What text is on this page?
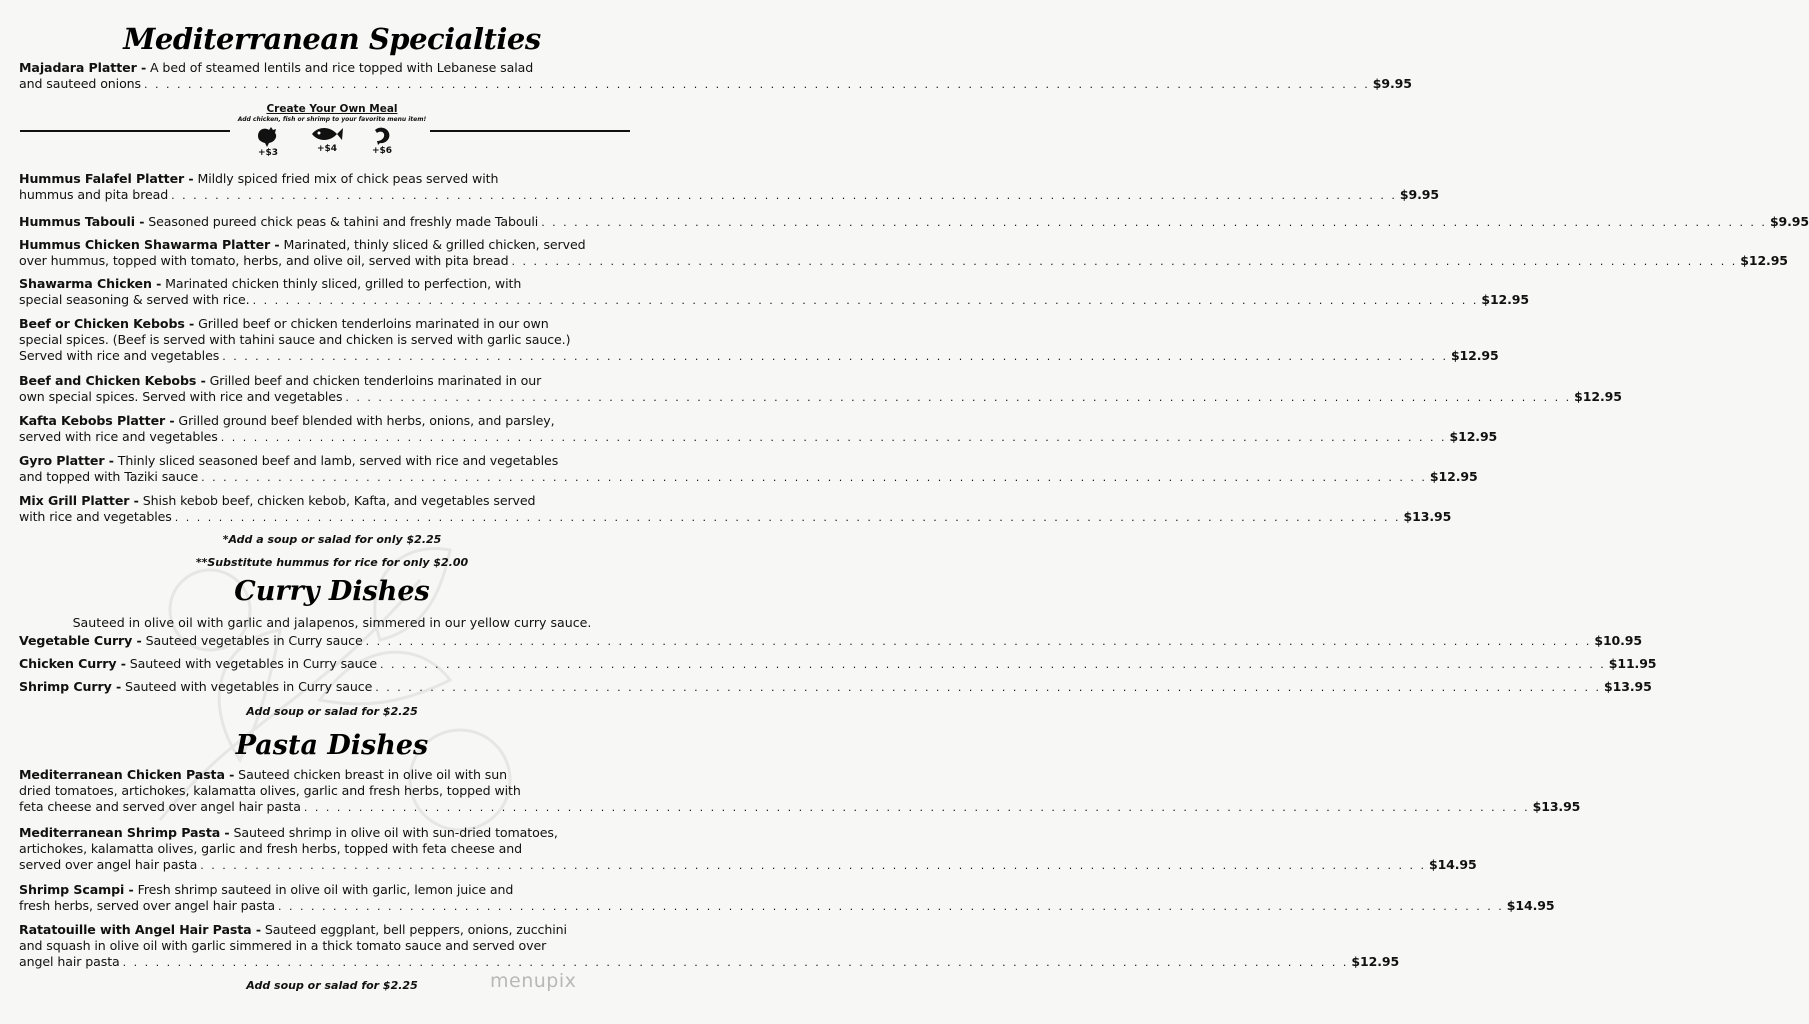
Mediterranean Specialties
Majadara Platter - A bed of steamed lentils and rice topped with Lebanese salad
and sauteed onions . . . . . . . . . . . . . . . . . . . . . . . . . . . . . . . . . . . . . . . . . . . . . . . . . . . . . . . . . . . . . . . . . . . . . . . . . . . . . . . . . . . . . . . . . . . . . . . . . . . . . . . . . . . . . . . . $9.95
Create Your Own Meal
Add chicken, fish or shrimp to your favorite menu item!
+$3	+$4	+$6
Hummus Falafel Platter - Mildly spiced fried mix of chick peas served with
hummus and pita bread . . . . . . . . . . . . . . . . . . . . . . . . . . . . . . . . . . . . . . . . . . . . . . . . . . . . . . . . . . . . . . . . . . . . . . . . . . . . . . . . . . . . . . . . . . . . . . . . . . . . . . . . . . . . . . . . $9.95
Hummus Tabouli - Seasoned pureed chick peas & tahini and freshly made Tabouli . . . . . . . . . . . . . . . . . . . . . . . . . . . . . . . . . . . . . . . . . . . . . . . . . . . . . . . . . . . . . . . . . . . . . . . . . . . . . . . . . . . . . . . . . . . . . . . . . . . . . . . . . . . . . . . . $9.95
Hummus Chicken Shawarma Platter - Marinated, thinly sliced & grilled chicken, served
over hummus, topped with tomato, herbs, and olive oil, served with pita bread . . . . . . . . . . . . . . . . . . . . . . . . . . . . . . . . . . . . . . . . . . . . . . . . . . . . . . . . . . . . . . . . . . . . . . . . . . . . . . . . . . . . . . . . . . . . . . . . . . . . . . . . . . . . . . . . $12.95
Shawarma Chicken - Marinated chicken thinly sliced, grilled to perfection, with
special seasoning & served with rice. . . . . . . . . . . . . . . . . . . . . . . . . . . . . . . . . . . . . . . . . . . . . . . . . . . . . . . . . . . . . . . . . . . . . . . . . . . . . . . . . . . . . . . . . . . . . . . . . . . . . . . . . . . . . . . . . $12.95
Beef or Chicken Kebobs - Grilled beef or chicken tenderloins marinated in our own
special spices. (Beef is served with tahini sauce and chicken is served with garlic sauce.)
Served with rice and vegetables . . . . . . . . . . . . . . . . . . . . . . . . . . . . . . . . . . . . . . . . . . . . . . . . . . . . . . . . . . . . . . . . . . . . . . . . . . . . . . . . . . . . . . . . . . . . . . . . . . . . . . . . . . . . . . . . $12.95
Beef and Chicken Kebobs - Grilled beef and chicken tenderloins marinated in our
own special spices. Served with rice and vegetables . . . . . . . . . . . . . . . . . . . . . . . . . . . . . . . . . . . . . . . . . . . . . . . . . . . . . . . . . . . . . . . . . . . . . . . . . . . . . . . . . . . . . . . . . . . . . . . . . . . . . . . . . . . . . . . . $12.95
Kafta Kebobs Platter - Grilled ground beef blended with herbs, onions, and parsley,
served with rice and vegetables . . . . . . . . . . . . . . . . . . . . . . . . . . . . . . . . . . . . . . . . . . . . . . . . . . . . . . . . . . . . . . . . . . . . . . . . . . . . . . . . . . . . . . . . . . . . . . . . . . . . . . . . . . . . . . . . $12.95
Gyro Platter - Thinly sliced seasoned beef and lamb, served with rice and vegetables
and topped with Taziki sauce . . . . . . . . . . . . . . . . . . . . . . . . . . . . . . . . . . . . . . . . . . . . . . . . . . . . . . . . . . . . . . . . . . . . . . . . . . . . . . . . . . . . . . . . . . . . . . . . . . . . . . . . . . . . . . . . $12.95
Mix Grill Platter - Shish kebob beef, chicken kebob, Kafta, and vegetables served
with rice and vegetables . . . . . . . . . . . . . . . . . . . . . . . . . . . . . . . . . . . . . . . . . . . . . . . . . . . . . . . . . . . . . . . . . . . . . . . . . . . . . . . . . . . . . . . . . . . . . . . . . . . . . . . . . . . . . . . . $13.95
*Add a soup or salad for only $2.25
**Substitute hummus for rice for only $2.00
Curry Dishes
Sauteed in olive oil with garlic and jalapenos, simmered in our yellow curry sauce.
Vegetable Curry - Sauteed vegetables in Curry sauce . . . . . . . . . . . . . . . . . . . . . . . . . . . . . . . . . . . . . . . . . . . . . . . . . . . . . . . . . . . . . . . . . . . . . . . . . . . . . . . . . . . . . . . . . . . . . . . . . . . . . . . . . . . . . . . . $10.95
Chicken Curry - Sauteed with vegetables in Curry sauce . . . . . . . . . . . . . . . . . . . . . . . . . . . . . . . . . . . . . . . . . . . . . . . . . . . . . . . . . . . . . . . . . . . . . . . . . . . . . . . . . . . . . . . . . . . . . . . . . . . . . . . . . . . . . . . . $11.95
Shrimp Curry - Sauteed with vegetables in Curry sauce . . . . . . . . . . . . . . . . . . . . . . . . . . . . . . . . . . . . . . . . . . . . . . . . . . . . . . . . . . . . . . . . . . . . . . . . . . . . . . . . . . . . . . . . . . . . . . . . . . . . . . . . . . . . . . . . $13.95
Add soup or salad for $2.25
Pasta Dishes
Mediterranean Chicken Pasta - Sauteed chicken breast in olive oil with sun
dried tomatoes, artichokes, kalamatta olives, garlic and fresh herbs, topped with
feta cheese and served over angel hair pasta . . . . . . . . . . . . . . . . . . . . . . . . . . . . . . . . . . . . . . . . . . . . . . . . . . . . . . . . . . . . . . . . . . . . . . . . . . . . . . . . . . . . . . . . . . . . . . . . . . . . . . . . . . . . . . . . $13.95
Mediterranean Shrimp Pasta - Sauteed shrimp in olive oil with sun-dried tomatoes,
artichokes, kalamatta olives, garlic and fresh herbs, topped with feta cheese and
served over angel hair pasta . . . . . . . . . . . . . . . . . . . . . . . . . . . . . . . . . . . . . . . . . . . . . . . . . . . . . . . . . . . . . . . . . . . . . . . . . . . . . . . . . . . . . . . . . . . . . . . . . . . . . . . . . . . . . . . . $14.95
Shrimp Scampi - Fresh shrimp sauteed in olive oil with garlic, lemon juice and
fresh herbs, served over angel hair pasta . . . . . . . . . . . . . . . . . . . . . . . . . . . . . . . . . . . . . . . . . . . . . . . . . . . . . . . . . . . . . . . . . . . . . . . . . . . . . . . . . . . . . . . . . . . . . . . . . . . . . . . . . . . . . . . . $14.95
Ratatouille with Angel Hair Pasta - Sauteed eggplant, bell peppers, onions, zucchini
and squash in olive oil with garlic simmered in a thick tomato sauce and served over
angel hair pasta . . . . . . . . . . . . . . . . . . . . . . . . . . . . . . . . . . . . . . . . . . . . . . . . . . . . . . . . . . . . . . . . . . . . . . . . . . . . . . . . . . . . . . . . . . . . . . . . . . . . . . . . . . . . . . . . $12.95
Add soup or salad for $2.25	menupix
